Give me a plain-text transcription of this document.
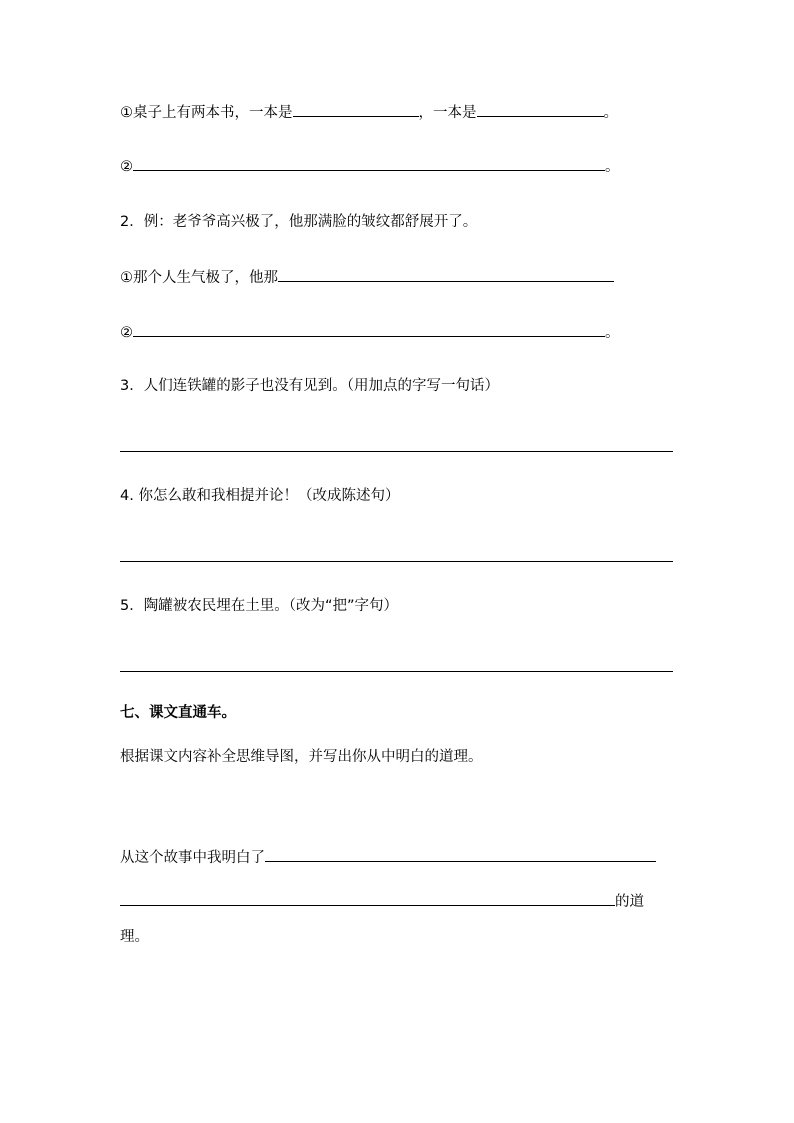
①桌子上有两本书，一本是	，一本是	。
②	。
2．例：老爷爷高兴极了，他那满脸的皱纹都舒展开了。
①那个人生气极了，他那
②	。
3．人们连铁罐的影子也没有见到。（用加点的字写一句话）
4. 你怎么敢和我相提并论！（改成陈述句）
5．陶罐被农民埋在土里。（改为“把”字句）
七、课文直通车。
根据课文内容补全思维导图，并写出你从中明白的道理。
从这个故事中我明白了
的道
理。
